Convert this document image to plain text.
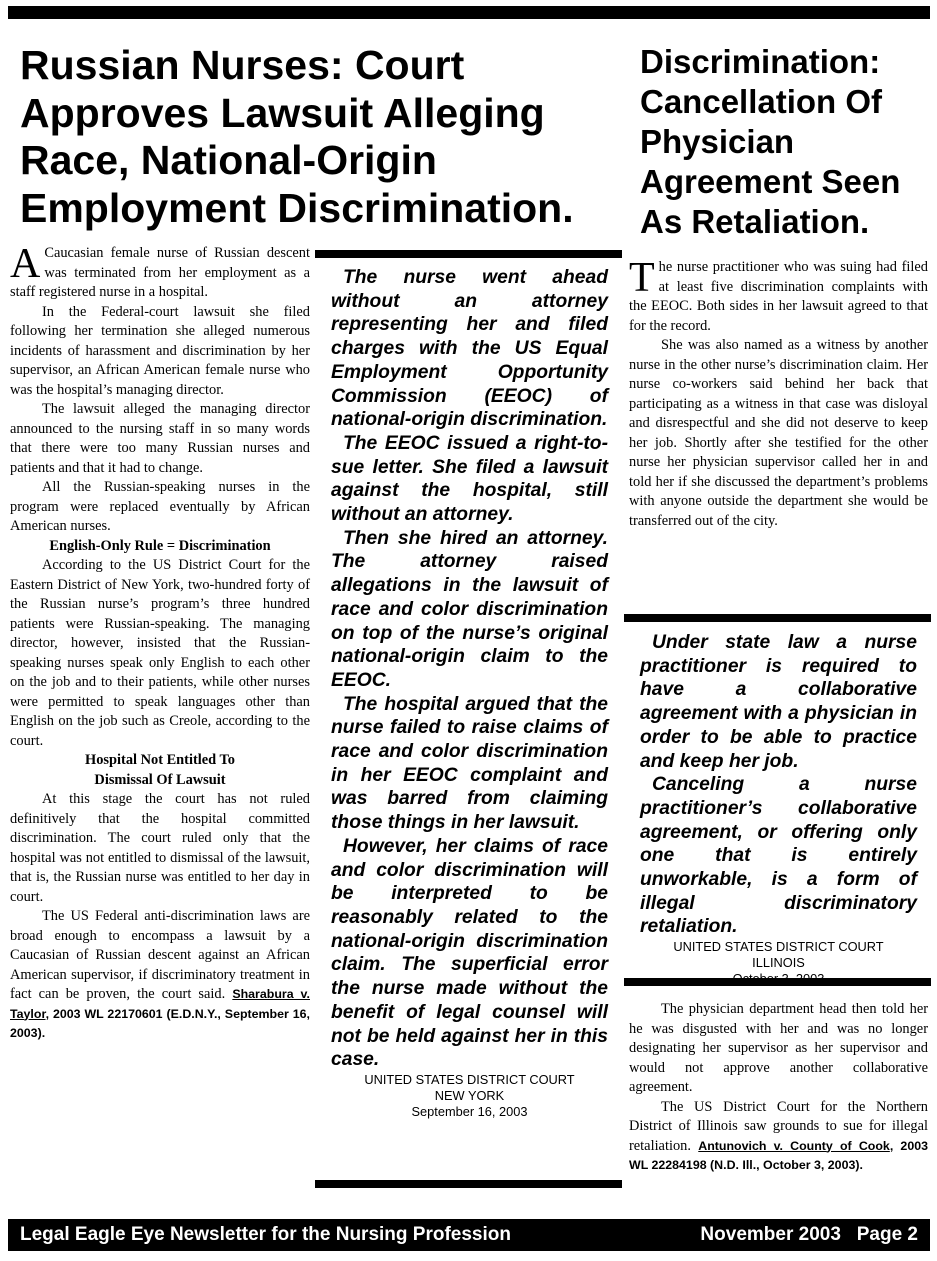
Russian Nurses: Court Approves Lawsuit Alleging Race, National-Origin Employment Discrimination.
Discrimination: Cancellation Of Physician Agreement Seen As Retaliation.

A Caucasian female nurse of Russian descent was terminated from her employment as a staff registered nurse in a hospital.

In the Federal-court lawsuit she filed following her termination she alleged numerous incidents of harassment and discrimination by her supervisor, an African American female nurse who was the hospital’s managing director.

The lawsuit alleged the managing director announced to the nursing staff in so many words that there were too many Russian nurses and patients and that it had to change.

All the Russian-speaking nurses in the program were replaced eventually by African American nurses.

English-Only Rule = Discrimination

According to the US District Court for the Eastern District of New York, two-hundred forty of the Russian nurse’s program’s three hundred patients were Russian-speaking. The managing director, however, insisted that the Russian-speaking nurses speak only English to each other on the job and to their patients, while other nurses were permitted to speak languages other than English on the job such as Creole, according to the court.

Hospital Not Entitled To

Dismissal Of Lawsuit

At this stage the court has not ruled definitively that the hospital committed discrimination. The court ruled only that the hospital was not entitled to dismissal of the lawsuit, that is, the Russian nurse was entitled to her day in court.

The US Federal anti-discrimination laws are broad enough to encompass a lawsuit by a Caucasian of Russian descent against an African American supervisor, if discriminatory treatment in fact can be proven, the court said. Sharabura v. Taylor, 2003 WL 22170601 (E.D.N.Y., September 16, 2003).

The nurse went ahead without an attorney representing her and filed charges with the US Equal Employment Opportunity Commission (EEOC) of national-origin discrimination.

The EEOC issued a right-to-sue letter. She filed a lawsuit against the hospital, still without an attorney.

Then she hired an attorney. The attorney raised allegations in the lawsuit of race and color discrimination on top of the nurse’s original national-origin claim to the EEOC.

The hospital argued that the nurse failed to raise claims of race and color discrimination in her EEOC complaint and was barred from claiming those things in her lawsuit.

However, her claims of race and color discrimination will be interpreted to be reasonably related to the national-origin discrimination claim. The superficial error the nurse made without the benefit of legal counsel will not be held against her in this case.

UNITED STATES DISTRICT COURT
NEW YORK
September 16, 2003

The nurse practitioner who was suing had filed at least five discrimination complaints with the EEOC. Both sides in her lawsuit agreed to that for the record.

She was also named as a witness by another nurse in the other nurse’s discrimination claim. Her nurse co-workers said behind her back that participating as a witness in that case was disloyal and disrespectful and she did not deserve to keep her job. Shortly after she testified for the other nurse her physician supervisor called her in and told her if she discussed the department’s problems with anyone outside the department she would be transferred out of the city.

Under state law a nurse practitioner is required to have a collaborative agreement with a physician in order to be able to practice and keep her job.

Canceling a nurse practitioner’s collaborative agreement, or offering only one that is entirely unworkable, is a form of illegal discriminatory retaliation.

UNITED STATES DISTRICT COURT
ILLINOIS

The physician department head then told her he was disgusted with her and was no longer designating her supervisor as her supervisor and would not approve another collaborative agreement.

The US District Court for the Northern District of Illinois saw grounds to sue for illegal retaliation. Antunovich v. County of Cook, 2003 WL 22284198 (N.D. Ill., October 3, 2003).

Legal Eagle Eye Newsletter for the Nursing Profession	November 2003   Page 2
